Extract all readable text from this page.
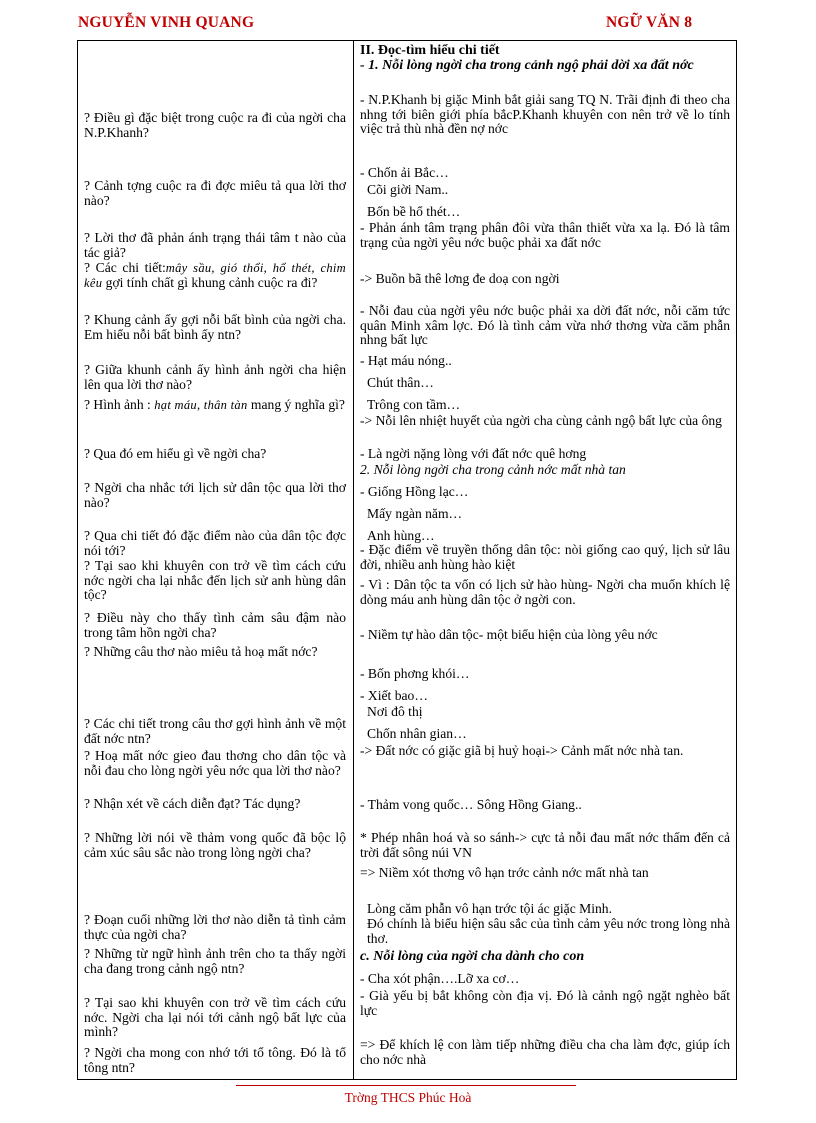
NGUYỄN VINH QUANG	NGỮ VĂN 8

? Điều gì đặc biệt trong cuộc ra đi của ngời cha N.P.Khanh?

? Cảnh tợng cuộc ra đi đợc miêu tả qua lời thơ nào?

? Lời thơ đã phản ánh trạng thái tâm t nào của tác giả?

? Các chi tiết:mây sầu, gió thổi, hổ thét, chim kêu gợi tính chất gì khung cảnh cuộc ra đi?

? Khung cảnh ấy gợi nỗi bất bình của ngời cha. Em hiểu nỗi bất bình ấy ntn?

? Giữa khunh cảnh ấy hình ảnh ngời cha hiện lên qua lời thơ nào?

? Hình ảnh : hạt máu, thân tàn mang ý nghĩa gì?

? Qua đó em hiểu gì về ngời cha?

? Ngời cha nhắc tới lịch sử dân tộc qua lời thơ nào?

? Qua chi tiết đó đặc điểm nào của dân tộc đợc nói tới?

? Tại sao khi khuyên con trở về tìm cách cứu nớc ngời cha lại nhắc đến lịch sử anh hùng dân tộc?

? Điều này cho thấy tình cảm sâu đậm nào trong tâm hồn ngời cha?

? Những câu thơ nào miêu tả hoạ mất nớc?

? Các chi tiết trong câu thơ gợi hình ảnh về một đất nớc ntn?

? Hoạ mất nớc gieo đau thơng cho dân tộc và nỗi đau cho lòng ngời yêu nớc qua lời thơ nào?

? Nhận xét về cách diễn đạt? Tác dụng?

? Những lời nói về thảm vong quốc đã bộc lộ cảm xúc sâu sắc nào trong lòng ngời cha?

? Đoạn cuối những lời thơ nào diễn tả tình cảm thực của ngời cha?

? Những từ ngữ hình ảnh trên cho ta thấy ngời cha đang trong cảnh ngộ ntn?

? Tại sao khi khuyên con trở về tìm cách cứu nớc. Ngời cha lại nói tới cảnh ngộ bất lực của mình?

? Ngời cha mong con nhớ tới tổ tông. Đó là tổ tông ntn?

II. Đọc-tìm hiểu chi tiết

- 1. Nỗi lòng ngời cha trong cảnh ngộ phải dời xa đất nớc

- N.P.Khanh bị giặc Minh bắt giải sang TQ N. Trãi định đi theo cha nhng tới biên giới phía bắcP.Khanh khuyên con nên trở về lo tính việc trả thù nhà đền nợ nớc

- Chốn ải Bắc…

Cõi giời Nam..

Bốn bề hổ thét…

- Phản ánh tâm trạng phân đôi vừa thân thiết vừa xa lạ. Đó là tâm trạng của ngời yêu nớc buộc phải xa đất nớc

-> Buồn bã thê lơng đe doạ con ngời

- Nỗi đau của ngời yêu nớc buộc phải xa dời đất nớc, nỗi căm tức quân Minh xâm lợc. Đó là tình cảm vừa nhớ thơng vừa căm phẫn nhng bất lực

- Hạt máu nóng..

Chút thân…

Trông con tầm…

-> Nỗi lên nhiệt huyết của ngời cha cùng cảnh ngộ bất lực của ông

- Là ngời nặng lòng với đất nớc quê hơng

2. Nỗi lòng ngời cha trong cảnh nớc mất nhà tan

- Giống Hồng lạc…

Mấy ngàn năm…

Anh hùng…

- Đặc điểm về truyền thống dân tộc: nòi giống cao quý, lịch sử lâu đời, nhiều anh hùng hào kiệt

- Vì : Dân tộc ta vốn có lịch sử hào hùng- Ngời cha muốn khích lệ dòng máu anh hùng dân tộc ở ngời con.

- Niềm tự hào dân tộc- một biểu hiện của lòng yêu nớc

- Bốn phơng khói…

- Xiết bao…

Nơi đô thị

Chốn nhân gian…

-> Đất nớc có giặc giã bị huỷ hoại-> Cảnh mất nớc nhà tan.

- Thảm vong quốc… Sông Hồng Giang..

* Phép nhân hoá và so sánh-> cực tả nỗi đau mất nớc thấm đến cả trời đất sông núi VN

=> Niềm xót thơng vô hạn trớc cảnh nớc mất nhà tan

Lòng căm phẫn vô hạn trớc tội ác giặc Minh.

Đó chính là biểu hiện sâu sắc của tình cảm yêu nớc trong lòng nhà thơ.

c. Nỗi lòng của ngời cha dành cho con

- Cha xót phận….Lỡ xa cơ…

- Già yếu bị bắt không còn địa vị. Đó là cảnh ngộ ngặt nghèo bất lực

=> Để khích lệ con làm tiếp những điều cha cha làm đợc, giúp ích cho nớc nhà

Trờng THCS Phúc Hoà
